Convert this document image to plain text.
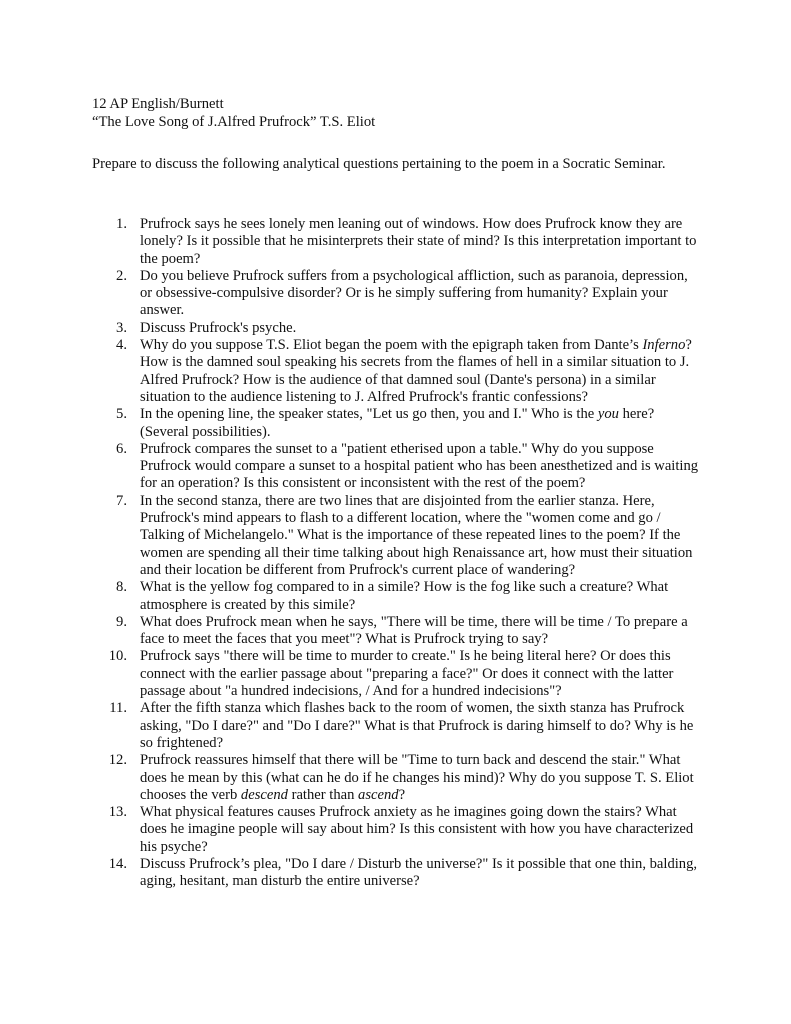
12 AP English/Burnett
“The Love Song of J.Alfred Prufrock” T.S. Eliot
Prepare to discuss the following analytical questions pertaining to the poem in a Socratic Seminar.
1. Prufrock says he sees lonely men leaning out of windows. How does Prufrock know they are lonely? Is it possible that he misinterprets their state of mind? Is this interpretation important to the poem?
2. Do you believe Prufrock suffers from a psychological affliction, such as paranoia, depression, or obsessive-compulsive disorder? Or is he simply suffering from humanity? Explain your answer.
3. Discuss Prufrock's psyche.
4. Why do you suppose T.S. Eliot began the poem with the epigraph taken from Dante’s Inferno? How is the damned soul speaking his secrets from the flames of hell in a similar situation to J. Alfred Prufrock? How is the audience of that damned soul (Dante's persona) in a similar situation to the audience listening to J. Alfred Prufrock's frantic confessions?
5. In the opening line, the speaker states, "Let us go then, you and I." Who is the you here? (Several possibilities).
6. Prufrock compares the sunset to a "patient etherised upon a table." Why do you suppose Prufrock would compare a sunset to a hospital patient who has been anesthetized and is waiting for an operation? Is this consistent or inconsistent with the rest of the poem?
7. In the second stanza, there are two lines that are disjointed from the earlier stanza. Here, Prufrock's mind appears to flash to a different location, where the "women come and go / Talking of Michelangelo." What is the importance of these repeated lines to the poem? If the women are spending all their time talking about high Renaissance art, how must their situation and their location be different from Prufrock's current place of wandering?
8. What is the yellow fog compared to in a simile? How is the fog like such a creature? What atmosphere is created by this simile?
9. What does Prufrock mean when he says, "There will be time, there will be time / To prepare a face to meet the faces that you meet"? What is Prufrock trying to say?
10. Prufrock says "there will be time to murder to create." Is he being literal here? Or does this connect with the earlier passage about "preparing a face?" Or does it connect with the latter passage about "a hundred indecisions, / And for a hundred indecisions"?
11. After the fifth stanza which flashes back to the room of women, the sixth stanza has Prufrock asking, "Do I dare?" and "Do I dare?" What is that Prufrock is daring himself to do? Why is he so frightened?
12. Prufrock reassures himself that there will be "Time to turn back and descend the stair." What does he mean by this (what can he do if he changes his mind)? Why do you suppose T. S. Eliot chooses the verb descend rather than ascend?
13. What physical features causes Prufrock anxiety as he imagines going down the stairs? What does he imagine people will say about him? Is this consistent with how you have characterized his psyche?
14. Discuss Prufrock’s plea, "Do I dare / Disturb the universe?" Is it possible that one thin, balding, aging, hesitant, man disturb the entire universe?
